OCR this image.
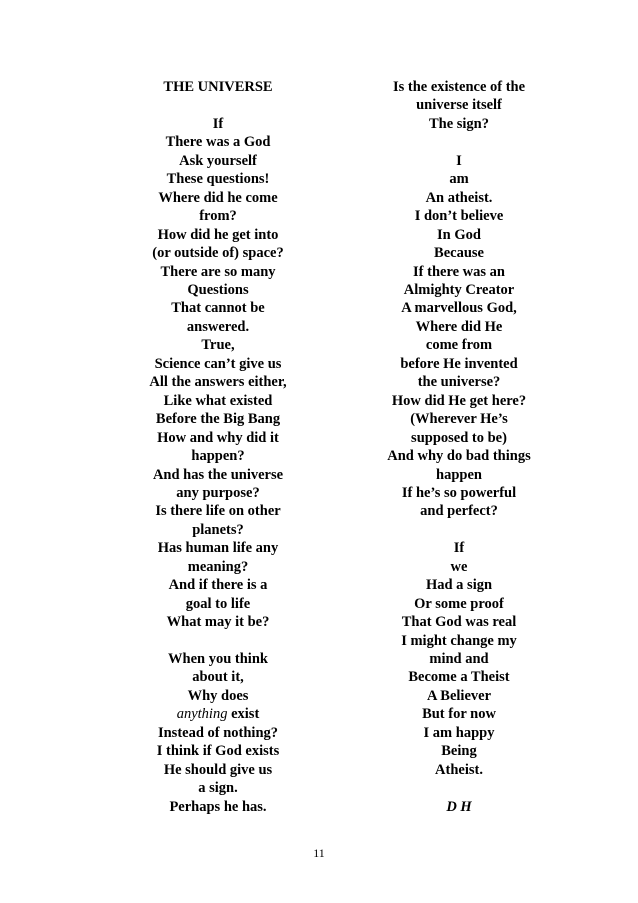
THE UNIVERSE
If
There was a God
Ask yourself
These questions!
Where did he come
from?
How did he get into
(or outside of) space?
There are so many
Questions
That cannot be
answered.
True,
Science can’t give us
All the answers either,
Like what existed
Before the Big Bang
How and why did it
happen?
And has the universe
any purpose?
Is there life on other
planets?
Has human life any
meaning?
And if there is a
goal to life
What may it be?
When you think
about it,
Why does
anything exist
Instead of nothing?
I think if God exists
He should give us
a sign.
Perhaps he has.
Is the existence of the
universe itself
The sign?
I
am
An atheist.
I don’t believe
In God
Because
If there was an
Almighty Creator
A marvellous God,
Where did He
come from
before He invented
the universe?
How did He get here?
(Wherever He’s
supposed to be)
And why do bad things
happen
If he’s so powerful
and perfect?
If
we
Had a sign
Or some proof
That God was real
I might change my
mind and
Become a Theist
A Believer
But for now
I am happy
Being
Atheist.
D H
11
